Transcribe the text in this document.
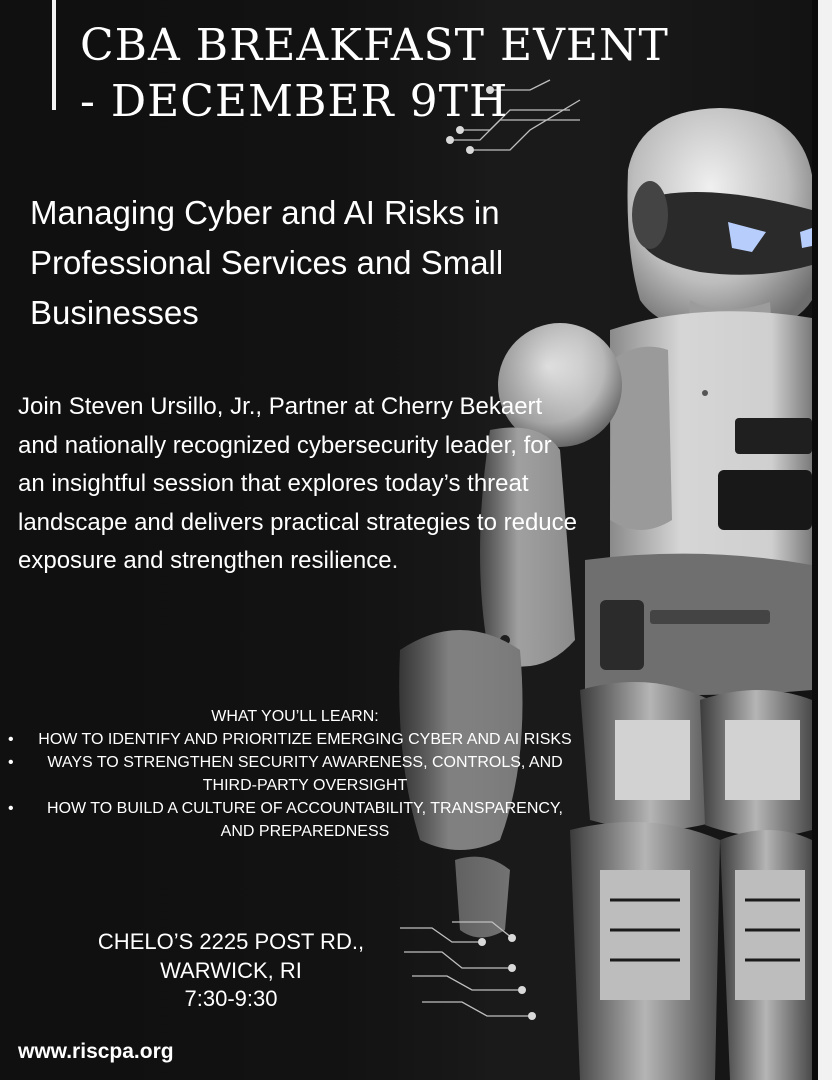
CBA BREAKFAST EVENT
- DECEMBER 9TH
Managing Cyber and AI Risks in Professional Services and Small Businesses

Join Steven Ursillo, Jr., Partner at Cherry Bekaert and nationally recognized cybersecurity leader, for an insightful session that explores today’s threat landscape and delivers practical strategies to reduce exposure and strengthen resilience.

WHAT YOU’LL LEARN:
• HOW TO IDENTIFY AND PRIORITIZE EMERGING CYBER AND AI RISKS
• WAYS TO STRENGTHEN SECURITY AWARENESS, CONTROLS, AND THIRD-PARTY OVERSIGHT
• HOW TO BUILD A CULTURE OF ACCOUNTABILITY, TRANSPARENCY, AND PREPAREDNESS
CHELO’S 2225 POST RD.,
WARWICK, RI
7:30-9:30
www.riscpa.org
